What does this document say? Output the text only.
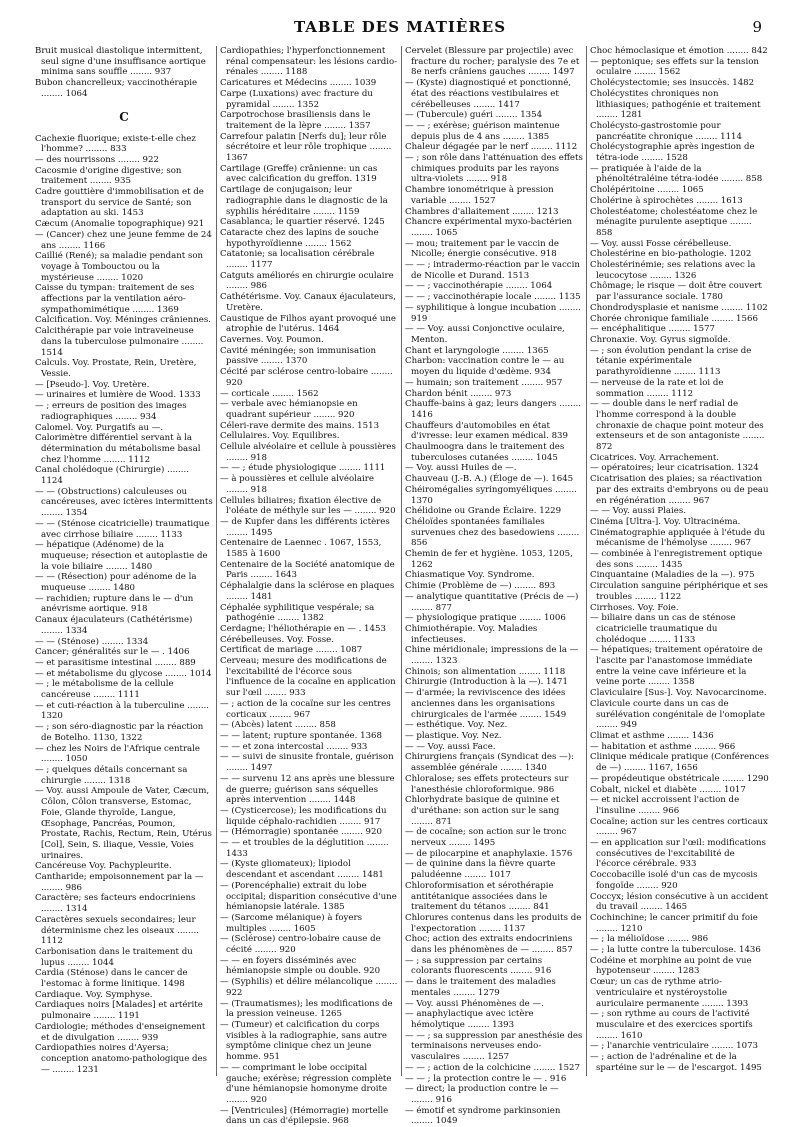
TABLE DES MATIÈRES	9

Bruit musical diastolique intermittent, seul signe d'une insuffisance aortique minima sans souffle ........ 937

Bubon chancrelleux; vaccinothérapie ........ 1064

C

Cachexie fluorique; existe-t-elle chez l'homme? ........ 833

— des nourrissons ........ 922

Cacosmie d'origine digestive; son traitement ........ 935

Cadre gouttière d'immobilisation et de transport du service de Santé; son adaptation au ski. 1453

Cæcum (Anomalie topographique) 921

— (Cancer) chez une jeune femme de 24 ans ........ 1166

Caillié (René); sa maladie pendant son voyage à Tombouctou ou la mystérieuse ........ 1020

Caisse du tympan: traitement de ses affections par la ventilation aéro-sympathomimétique ........ 1369

Calcification. Voy. Méninges crâniennes.

Calcithérapie par voie intraveineuse dans la tuberculose pulmonaire ........ 1514

Calculs. Voy. Prostate, Rein, Uretère, Vessie.

— [Pseudo-]. Voy. Uretère.

— urinaires et lumière de Wood. 1333

— ; erreurs de position des images radiographiques ........ 934

Calomel. Voy. Purgatifs au —.

Calorimètre différentiel servant à la détermination du métabolisme basal chez l'homme ........ 1112

Canal cholédoque (Chirurgie) ........ 1124

— — (Obstructions) calculeuses ou cancéreuses, avec ictères intermittents ........ 1354

— — (Sténose cicatricielle) traumatique avec cirrhose biliaire ........ 1133

— hépatique (Adénome) de la muqueuse; résection et autoplastie de la voie biliaire ........ 1480

— — (Résection) pour adénome de la muqueuse ........ 1480

— rachidien; rupture dans le — d'un anévrisme aortique. 918

Canaux éjaculateurs (Cathétérisme) ........ 1334

— — (Sténose) ........ 1334

Cancer; généralités sur le — . 1406

— et parasitisme intestinal ........ 889

— et métabolisme du glycose ........ 1014

— ; le métabolisme de la cellule cancéreuse ........ 1111

— et cuti-réaction à la tuberculine ........ 1320

— ; son séro-diagnostic par la réaction de Botelho. 1130, 1322

— chez les Noirs de l'Afrique centrale ........ 1050

— ; quelques détails concernant sa chirurgie ........ 1318

— Voy. aussi Ampoule de Vater, Cæcum, Côlon, Côlon transverse, Estomac, Foie, Glande thyroïde, Langue, Œsophage, Pancréas, Poumon, Prostate, Rachis, Rectum, Rein, Utérus [Col], Sein, S. iliaque, Vessie, Voies urinaires.

Cancéreuse Voy. Pachypleurite.

Cantharide; empoisonnement par la — ........ 986

Caractère; ses facteurs endocriniens ........ 1314

Caractères sexuels secondaires; leur déterminisme chez les oiseaux ........ 1112

Carbonisation dans le traitement du lupus ........ 1044

Cardia (Sténose) dans le cancer de l'estomac à forme linitique. 1498

Cardiaque. Voy. Symphyse.

Cardiaques noirs [Malades] et artérite pulmonaire ........ 1191

Cardiologie; méthodes d'enseignement et de divulgation ........ 939

Cardiopathies noires d'Ayersa; conception anatomo-pathologique des — ........ 1231

Cardiopathies; l'hyperfonctionnement rénal compensateur: les lésions cardio-rénales ........ 1188

Caricatures et Médecins ........ 1039

Carpe (Luxations) avec fracture du pyramidal ........ 1352

Carpotrochose brasiliensis dans le traitement de la lèpre ........ 1357

Carrefour palatin [Nerfs du]; leur rôle sécrétoire et leur rôle trophique ........ 1367

Cartilage (Greffe) crânienne: un cas avec calcification du greffon. 1319

Cartilage de conjugaison; leur radiographie dans le diagnostic de la syphilis héréditaire ........ 1159

Casablanca; le quartier réservé. 1245

Cataracte chez des lapins de souche hypothyroïdienne ........ 1562

Catatonie; sa localisation cérébrale ........ 1177

Catguts améliorés en chirurgie oculaire ........ 986

Cathétérisme. Voy. Canaux éjaculateurs, Uretère.

Caustique de Filhos ayant provoqué une atrophie de l'utérus. 1464

Cavernes. Voy. Poumon.

Cavité méningée; son immunisation passive ........ 1370

Cécité par sclérose centro-lobaire ........ 920

— corticale ........ 1562

— verbale avec hémianopsie en quadrant supérieur ........ 920

Céleri-rave dermite des mains. 1513

Cellulaires. Voy. Equilibres.

Cellule alvéolaire et cellule à poussières ........ 918

— — ; étude physiologique ........ 1111

— à poussières et cellule alvéolaire ........ 918

Cellules biliaires; fixation élective de l'oléate de méthyle sur les — ........ 920

— de Kupfer dans les différents ictères ........ 1495

Centenaire de Laennec . 1067, 1553, 1585 à 1600

Centenaire de la Société anatomique de Paris ........ 1643

Céphalalgie dans la sclérose en plaques ........ 1481

Céphalée syphilitique vespérale; sa pathogénie ........ 1382

Cerdagne; l'héliothérapie en — . 1453

Cérébelleuses. Voy. Fosse.

Certificat de mariage ........ 1087

Cerveau; mesure des modifications de l'excitabilité de l'écorce sous l'influence de la cocaïne en application sur l'œil ........ 933

— ; action de la cocaïne sur les centres corticaux ........ 967

— (Abcès) latent ........ 858

— — latent; rupture spontanée. 1368

— — et zona intercostal ........ 933

— — suivi de sinusite frontale, guérison ........ 1497

— — survenu 12 ans après une blessure de guerre; guérison sans séquelles après intervention ........ 1448

— (Cysticercose); les modifications du liquide céphalo-rachidien ........ 917

— (Hémorragie) spontanée ........ 920

— — et troubles de la déglutition ........ 1433

— (Kyste gliomateux); lipiodol descendant et ascendant ........ 1481

— (Porencéphalie) extrait du lobe occipital; disparition consécutive d'une hémianopsie latérale. 1385

— (Sarcome mélanique) à foyers multiples ........ 1605

— (Sclérose) centro-lobaire cause de cécité ........ 920

— — en foyers disséminés avec hémianopsie simple ou double. 920

— (Syphilis) et délire mélancolique ........ 922

— (Traumatismes); les modifications de la pression veineuse. 1265

— (Tumeur) et calcification du corps visibles à la radiographie, sans autre symptôme clinique chez un jeune homme. 951

— — comprimant le lobe occipital gauche; exérèse; régression complète d'une hémianopsie homonyme droite ........ 920

— [Ventricules] (Hémorragie) mortelle dans un cas d'épilepsie. 968

Cervelet (Blessure par projectile) avec fracture du rocher; paralysie des 7e et 8e nerfs crâniens gauches ........ 1497

— (Kyste) diagnostiqué et ponctionné, état des réactions vestibulaires et cérébelleuses ........ 1417

— (Tubercule) guéri ........ 1354

— — ; exérèse; guérison maintenue depuis plus de 4 ans ........ 1385

Chaleur dégagée par le nerf ........ 1112

— ; son rôle dans l'atténuation des effets chimiques produits par les rayons ultra-violets ........ 918

Chambre ionométrique à pression variable ........ 1527

Chambres d'allaitement ........ 1213

Chancre expérimental myxo-bactérien ........ 1065

— mou; traitement par le vaccin de Nicolle; énergie consécutive. 918

— — ; intradermo-réaction par le vaccin de Nicolle et Durand. 1513

— — ; vaccinothérapie ........ 1064

— — ; vaccinothérapie locale ........ 1135

— syphilitique à longue incubation ........ 919

— — Voy. aussi Conjonctive oculaire, Menton.

Chant et laryngologie ........ 1365

Charbon: vaccination contre le — au moyen du liquide d'œdème. 934

— humain; son traitement ........ 957

Chardon bénit ........ 973

Chauffe-bains à gaz; leurs dangers ........ 1416

Chauffeurs d'automobiles en état d'ivresse: leur examen médical. 839

Chaulmoogra dans le traitement des tuberculoses cutanées ........ 1045

— Voy. aussi Huiles de —.

Chauveau (J.-B. A.) (Éloge de —). 1645

Chéiromégalies syringomyéliques ........ 1370

Chélidoine ou Grande Éclaire. 1229

Chéloïdes spontanées familiales survenues chez des basedowiens ........ 856

Chemin de fer et hygiène. 1053, 1205, 1262

Chiasmatique Voy. Syndrome.

Chimie (Problème de —) ........ 893

— analytique quantitative (Précis de —) ........ 877

— physiologique pratique ........ 1006

Chimiothérapie. Voy. Maladies infectieuses.

Chine méridionale; impressions de la — ........ 1323

Chinois; son alimentation ........ 1118

Chirurgie (Introduction à la —). 1471

— d'armée; la reviviscence des idées anciennes dans les organisations chirurgicales de l'armée ........ 1549

— esthétique. Voy. Nez.

— plastique. Voy. Nez.

— — Voy. aussi Face.

Chirurgiens français (Syndicat des —): assemblée générale ........ 1340

Chloralose; ses effets protecteurs sur l'anesthésie chloroformique. 986

Chlorhydrate basique de quinine et d'uréthane: son action sur le sang ........ 871

— de cocaïne; son action sur le tronc nerveux ........ 1495

— de pilocarpine et anaphylaxie. 1576

— de quinine dans la fièvre quarte paludéenne ........ 1017

Chloroformisation et sérothérapie antitétanique associées dans le traitement du tétanos ........ 841

Chlorures contenus dans les produits de l'expectoration ........ 1137

Choc; action des extraits endocriniens dans les phénomènes de — ........ 857

— ; sa suppression par certains colorants fluorescents ........ 916

— dans le traitement des maladies mentales ........ 1279

— Voy. aussi Phénomènes de —.

— anaphylactique avec ictère hémolytique ........ 1393

— — ; sa suppression par anesthésie des terminaisons nerveuses endo-vasculaires ........ 1257

— — ; action de la colchicine ........ 1527

— — ; la protection contre le — . 916

— direct; la production contre le — ........ 916

— émotif et syndrome parkinsonien ........ 1049

Choc hémoclasique et émotion ........ 842

— peptonique; ses effets sur la tension oculaire ........ 1562

Cholécystectomie; ses insuccès. 1482

Cholécystites chroniques non lithiasiques; pathogénie et traitement ........ 1281

Cholécysto-gastrostomie pour pancréatite chronique ........ 1114

Cholécystographie après ingestion de tétra-iode ........ 1528

— pratiquée à l'aide de la phénoltétraléine tétra-iodée ........ 858

Cholépéritoine ........ 1065

Cholérine à spirochètes ........ 1613

Cholestéatome; cholestéatome chez le ménagite purulente aseptique ........ 858

— Voy. aussi Fosse cérébelleuse.

Cholestérine en bio-pathologie. 1202

Cholestérinémie; ses relations avec la leucocytose ........ 1326

Chômage; le risque — doit être couvert par l'assurance sociale. 1780

Chondrodysplasie et nanisme ........ 1102

Chorée chronique familiale ........ 1566

— encéphalitique ........ 1577

Chronaxie. Voy. Gyrus sigmoïde.

— ; son évolution pendant la crise de tétanie expérimentale parathyroïdienne ........ 1113

— nerveuse de la rate et loi de sommation ........ 1112

— — double dans le nerf radial de l'homme correspond à la double chronaxie de chaque point moteur des extenseurs et de son antagoniste ........ 872

Cicatrices. Voy. Arrachement.

— opératoires; leur cicatrisation. 1324

Cicatrisation des plaies; sa réactivation par des extraits d'embryons ou de peau en régénération ........ 967

— — Voy. aussi Plaies.

Cinéma [Ultra-]. Voy. Ultracinéma.

Cinématographie appliquée à l'étude du mécanisme de l'hémolyse ........ 967

— combinée à l'enregistrement optique des sons ........ 1435

Cinquantaine (Maladies de la —). 975

Circulation sanguine périphérique et ses troubles ........ 1122

Cirrhoses. Voy. Foie.

— biliaire dans un cas de sténose cicatricielle traumatique du cholédoque ........ 1133

— hépatiques; traitement opératoire de l'ascite par l'anastomose immédiate entre la veine cave inférieure et la veine porte ........ 1358

Claviculaire [Sus-]. Voy. Navocarcinome.

Clavicule courte dans un cas de surélévation congénitale de l'omoplate ........ 949

Climat et asthme ........ 1436

— habitation et asthme ........ 966

Clinique médicale pratique (Conférences de —) ........ 1167, 1656

— propédeutique obstétricale ........ 1290

Cobalt, nickel et diabète ........ 1017

— et nickel accroissent l'action de l'insuline ........ 966

Cocaïne; action sur les centres corticaux ........ 967

— en application sur l'œil: modifications consécutives de l'excitabilité de l'écorce cérébrale. 933

Coccobacille isolé d'un cas de mycosis fongoïde ........ 920

Coccyx; lésion consécutive à un accident du travail ........ 1465

Cochinchine; le cancer primitif du foie ........ 1210

— ; la mélioïdose ........ 986

— ; la lutte contre la tuberculose. 1436

Codéine et morphine au point de vue hypotenseur ........ 1283

Cœur; un cas de rythme atrio-ventriculaire et nystéroystolie auriculaire permanente ........ 1393

— ; son rythme au cours de l'activité musculaire et des exercices sportifs ........ 1610

— ; l'anarchie ventriculaire ........ 1073

— ; action de l'adrénaline et de la spartéine sur le — de l'escargot. 1495
